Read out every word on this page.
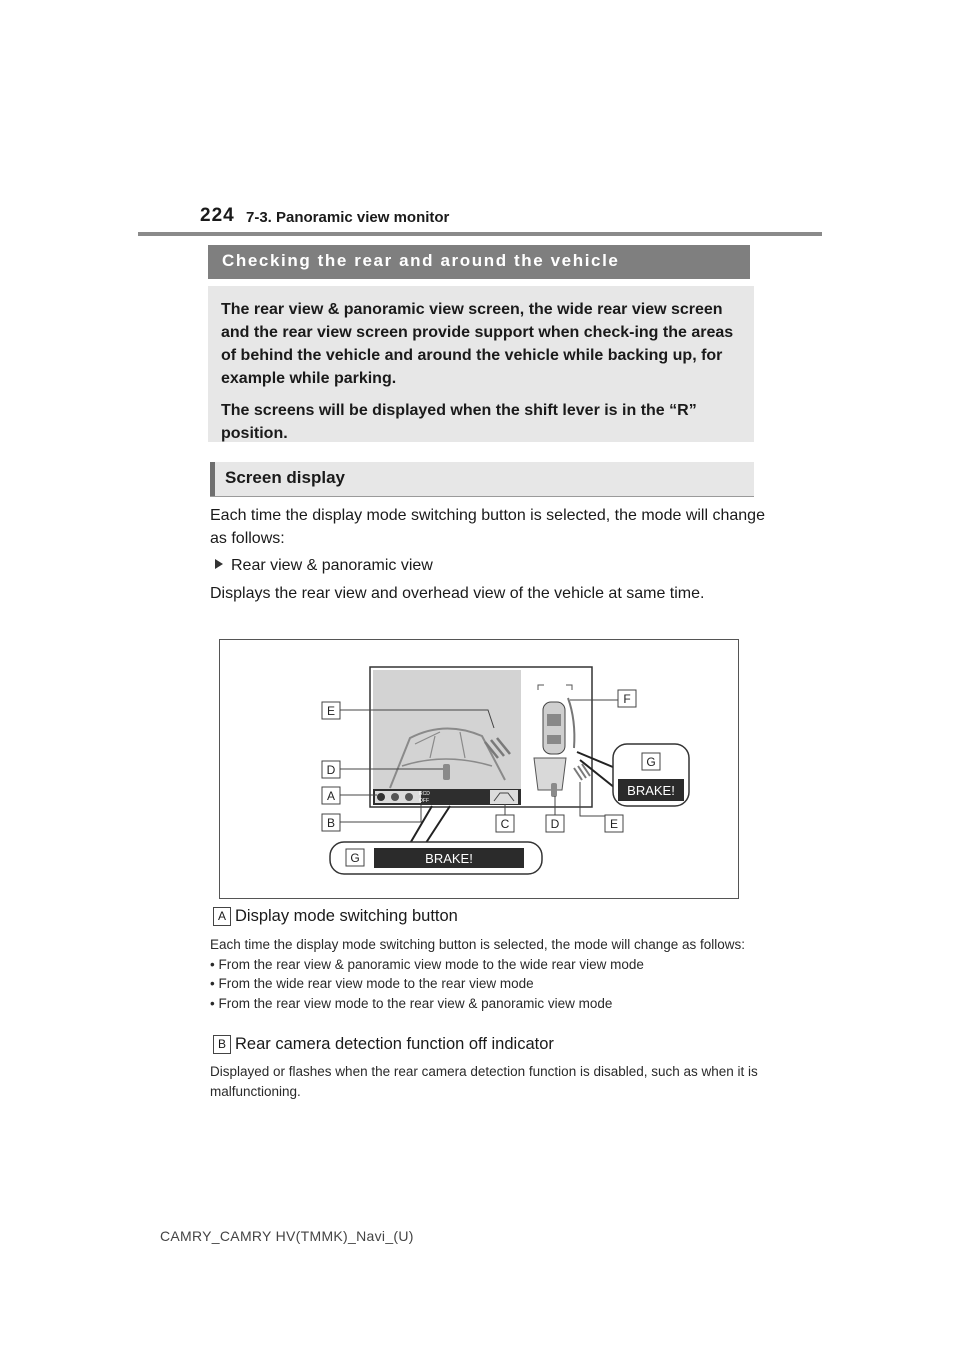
224 7-3. Panoramic view monitor
Checking the rear and around the vehicle

The rear view & panoramic view screen, the wide rear view screen and the rear view screen provide support when check-ing the areas of behind the vehicle and around the vehicle while backing up, for example while parking.

The screens will be displayed when the shift lever is in the “R” position.

Screen display
Each time the display mode switching button is selected, the mode will change as follows:
Rear view & panoramic view
Displays the rear view and overhead view of the vehicle at same time.
RCD
OFF
BRAKE!
BRAKE!
E
D
A
B	C	D	E
F
G
G
A Display mode switching button
Each time the display mode switching button is selected, the mode will change as follows:
• From the rear view & panoramic view mode to the wide rear view mode
• From the wide rear view mode to the rear view mode
• From the rear view mode to the rear view & panoramic view mode
B Rear camera detection function off indicator
Displayed or flashes when the rear camera detection function is disabled, such as when it is malfunctioning.
CAMRY_CAMRY HV(TMMK)_Navi_(U)
